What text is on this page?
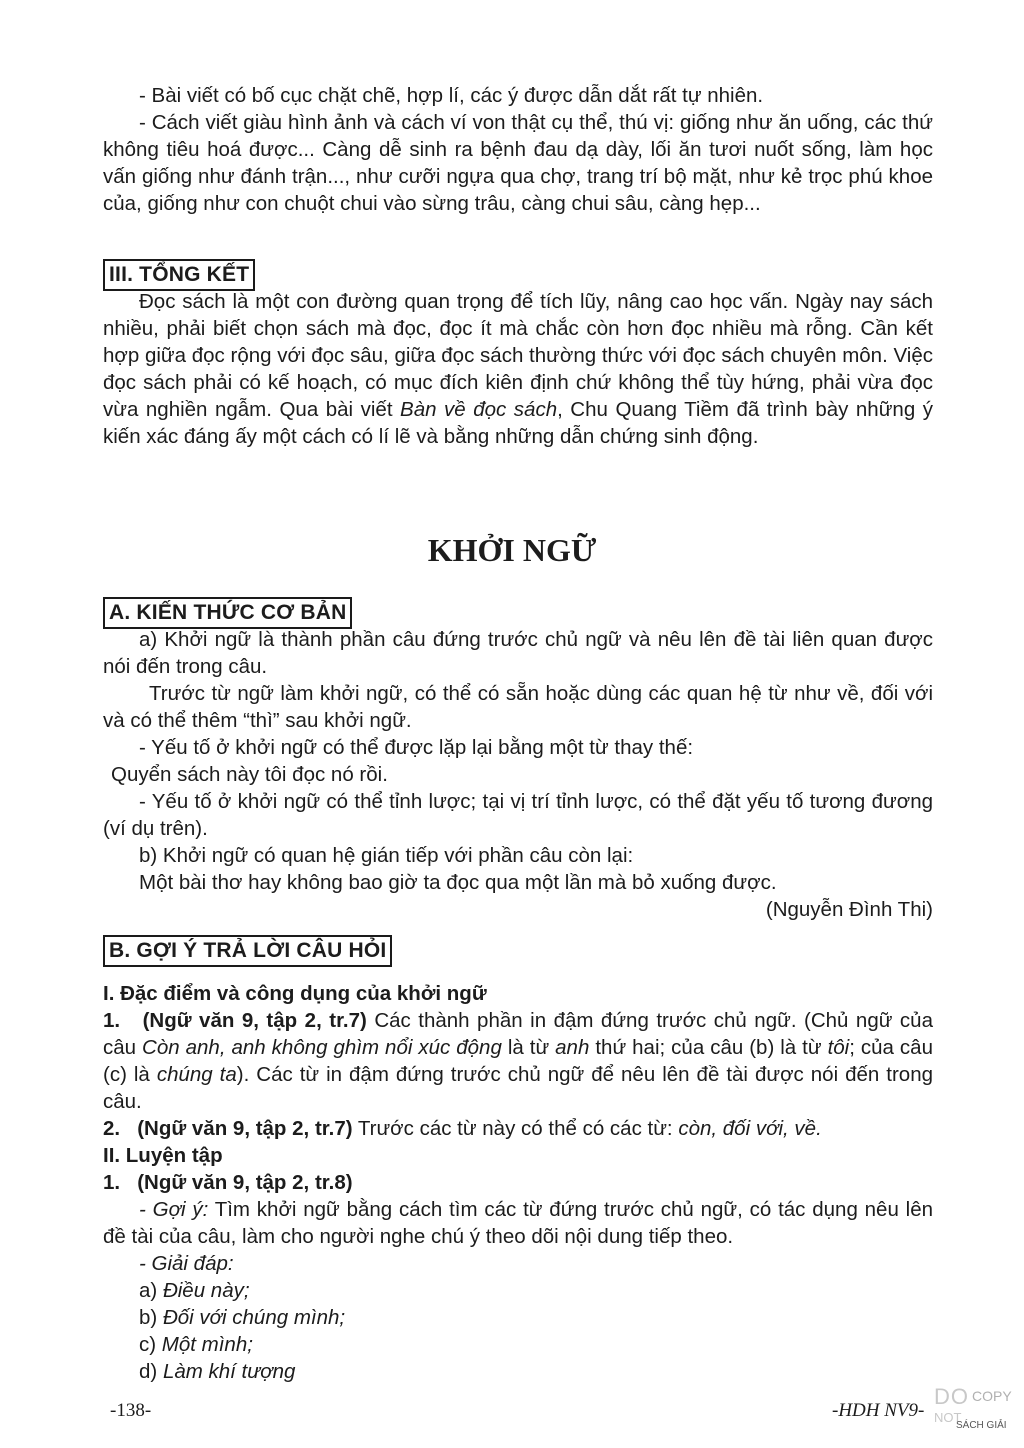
- Bài viết có bố cục chặt chẽ, hợp lí, các ý được dẫn dắt rất tự nhiên.

- Cách viết giàu hình ảnh và cách ví von thật cụ thể, thú vị: giống như ăn uống, các thứ không tiêu hoá được... Càng dễ sinh ra bệnh đau dạ dày, lối ăn tươi nuốt sống, làm học vấn giống như đánh trận..., như cưỡi ngựa qua chợ, trang trí bộ mặt, như kẻ trọc phú khoe của, giống như con chuột chui vào sừng trâu, càng chui sâu, càng hẹp...

III. TỔNG KẾT

Đọc sách là một con đường quan trọng để tích lũy, nâng cao học vấn. Ngày nay sách nhiều, phải biết chọn sách mà đọc, đọc ít mà chắc còn hơn đọc nhiều mà rỗng. Cần kết hợp giữa đọc rộng với đọc sâu, giữa đọc sách thường thức với đọc sách chuyên môn. Việc đọc sách phải có kế hoạch, có mục đích kiên định chứ không thể tùy hứng, phải vừa đọc vừa nghiền ngẫm. Qua bài viết Bàn về đọc sách, Chu Quang Tiềm đã trình bày những ý kiến xác đáng ấy một cách có lí lẽ và bằng những dẫn chứng sinh động.

KHỞI NGỮ
A. KIẾN THỨC CƠ BẢN

a) Khởi ngữ là thành phần câu đứng trước chủ ngữ và nêu lên đề tài liên quan được nói đến trong câu.

Trước từ ngữ làm khởi ngữ, có thể có sẵn hoặc dùng các quan hệ từ như về, đối với và có thể thêm “thì” sau khởi ngữ.

- Yếu tố ở khởi ngữ có thể được lặp lại bằng một từ thay thế:

Quyển sách này tôi đọc nó rồi.

- Yếu tố ở khởi ngữ có thể tỉnh lược; tại vị trí tỉnh lược, có thể đặt yếu tố tương đương (ví dụ trên).

b) Khởi ngữ có quan hệ gián tiếp với phần câu còn lại:

Một bài thơ hay không bao giờ ta đọc qua một lần mà bỏ xuống được.

(Nguyễn Đình Thi)

B. GỢI Ý TRẢ LỜI CÂU HỎI

I. Đặc điểm và công dụng của khởi ngữ

1. (Ngữ văn 9, tập 2, tr.7) Các thành phần in đậm đứng trước chủ ngữ. (Chủ ngữ của câu Còn anh, anh không ghìm nổi xúc động là từ anh thứ hai; của câu (b) là từ tôi; của câu (c) là chúng ta). Các từ in đậm đứng trước chủ ngữ để nêu lên đề tài được nói đến trong câu.

2. (Ngữ văn 9, tập 2, tr.7) Trước các từ này có thể có các từ: còn, đối với, về.

II. Luyện tập

1. (Ngữ văn 9, tập 2, tr.8)

- Gợi ý: Tìm khởi ngữ bằng cách tìm các từ đứng trước chủ ngữ, có tác dụng nêu lên đề tài của câu, làm cho người nghe chú ý theo dõi nội dung tiếp theo.

- Giải đáp:

a) Điều này;

b) Đối với chúng mình;

c) Một mình;

d) Làm khí tượng

-138-	-HDH NV9-
DO COPY
NOT
SÁCH GIẢI
